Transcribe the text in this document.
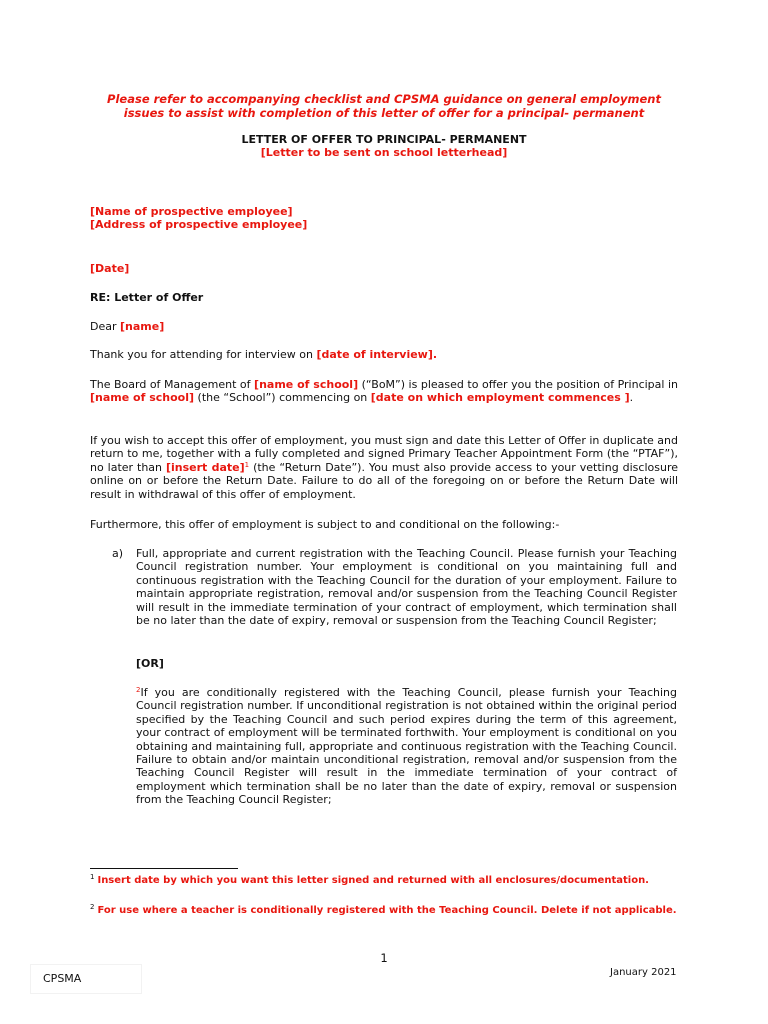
Please refer to accompanying checklist and CPSMA guidance on general employment
issues to assist with completion of this letter of offer for a principal- permanent
LETTER OF OFFER TO PRINCIPAL- PERMANENT
[Letter to be sent on school letterhead]
[Name of prospective employee]
[Address of prospective employee]
[Date]
RE: Letter of Offer
Dear [name]
Thank you for attending for interview on [date of interview].
The Board of Management of [name of school] (“BoM”) is pleased to offer you the position of Principal in [name of school] (the “School”) commencing on [date on which employment commences ].
If you wish to accept this offer of employment, you must sign and date this Letter of Offer in duplicate and return to me, together with a fully completed and signed Primary Teacher Appointment Form (the “PTAF”), no later than [insert date]$^1$ (the “Return Date”). You must also provide access to your vetting disclosure online on or before the Return Date. Failure to do all of the foregoing on or before the Return Date will result in withdrawal of this offer of employment.
Furthermore, this offer of employment is subject to and conditional on the following:-
a) Full, appropriate and current registration with the Teaching Council. Please furnish your Teaching Council registration number. Your employment is conditional on you maintaining full and continuous registration with the Teaching Council for the duration of your employment. Failure to maintain appropriate registration, removal and/or suspension from the Teaching Council Register will result in the immediate termination of your contract of employment, which termination shall be no later than the date of expiry, removal or suspension from the Teaching Council Register;
[OR]
$^2$If you are conditionally registered with the Teaching Council, please furnish your Teaching Council registration number. If unconditional registration is not obtained within the original period specified by the Teaching Council and such period expires during the term of this agreement, your contract of employment will be terminated forthwith. Your employment is conditional on you obtaining and maintaining full, appropriate and continuous registration with the Teaching Council. Failure to obtain and/or maintain unconditional registration, removal and/or suspension from the Teaching Council Register will result in the immediate termination of your contract of employment which termination shall be no later than the date of expiry, removal or suspension from the Teaching Council Register;
$^1$ Insert date by which you want this letter signed and returned with all enclosures/documentation.
$^2$ For use where a teacher is conditionally registered with the Teaching Council. Delete if not applicable.
1
CPSMA	January 2021
